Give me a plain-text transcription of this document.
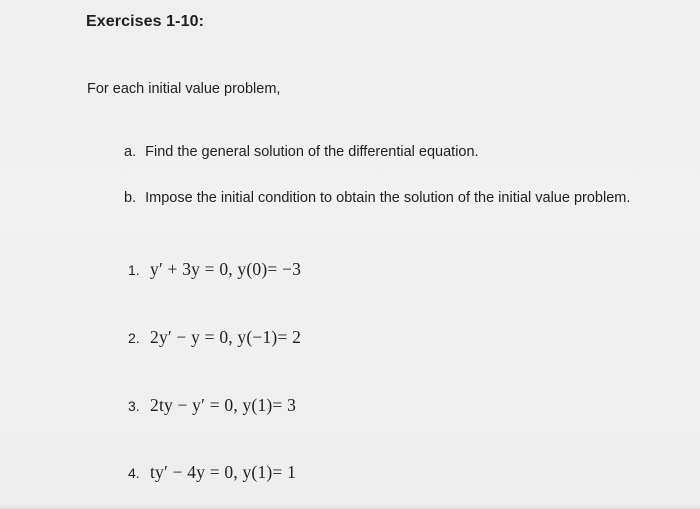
Exercises 1-10:
For each initial value problem,
a. Find the general solution of the differential equation.
b. Impose the initial condition to obtain the solution of the initial value problem.
1. y′ + 3y = 0, y(0)= −3
2. 2y′ − y = 0, y(−1)= 2
3. 2ty − y′ = 0, y(1)= 3
4. ty′ − 4y = 0, y(1)= 1
